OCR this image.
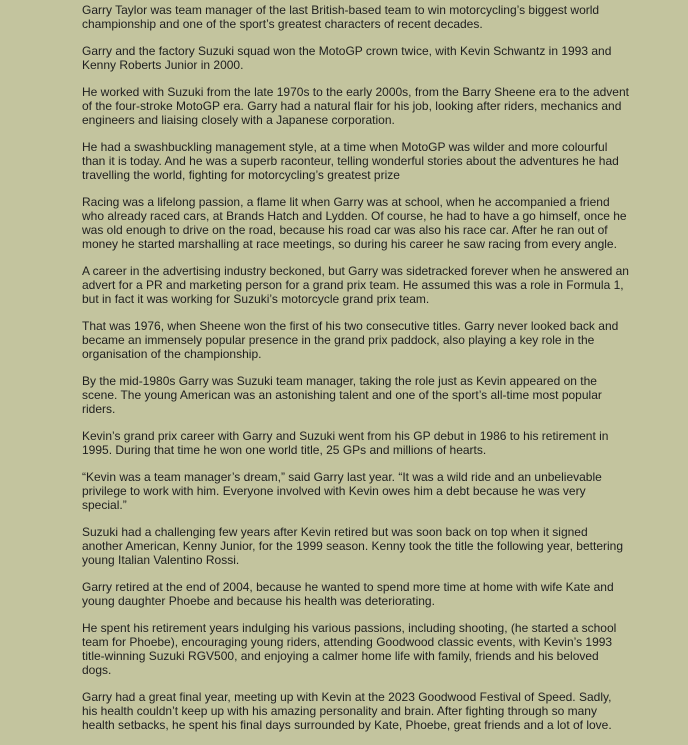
Garry Taylor was team manager of the last British-based team to win motorcycling’s biggest world championship and one of the sport’s greatest characters of recent decades.

Garry and the factory Suzuki squad won the MotoGP crown twice, with Kevin Schwantz in 1993 and Kenny Roberts Junior in 2000.

He worked with Suzuki from the late 1970s to the early 2000s, from the Barry Sheene era to the advent of the four-stroke MotoGP era. Garry had a natural flair for his job, looking after riders, mechanics and engineers and liaising closely with a Japanese corporation.

He had a swashbuckling management style, at a time when MotoGP was wilder and more colourful than it is today. And he was a superb raconteur, telling wonderful stories about the adventures he had travelling the world, fighting for motorcycling’s greatest prize

Racing was a lifelong passion, a flame lit when Garry was at school, when he accompanied a friend who already raced cars, at Brands Hatch and Lydden. Of course, he had to have a go himself, once he was old enough to drive on the road, because his road car was also his race car. After he ran out of money he started marshalling at race meetings, so during his career he saw racing from every angle.

A career in the advertising industry beckoned, but Garry was sidetracked forever when he answered an advert for a PR and marketing person for a grand prix team. He assumed this was a role in Formula 1, but in fact it was working for Suzuki’s motorcycle grand prix team.

That was 1976, when Sheene won the first of his two consecutive titles. Garry never looked back and became an immensely popular presence in the grand prix paddock, also playing a key role in the organisation of the championship.

By the mid-1980s Garry was Suzuki team manager, taking the role just as Kevin appeared on the scene. The young American was an astonishing talent and one of the sport’s all-time most popular riders.

Kevin’s grand prix career with Garry and Suzuki went from his GP debut in 1986 to his retirement in 1995. During that time he won one world title, 25 GPs and millions of hearts.

“Kevin was a team manager’s dream,” said Garry last year. “It was a wild ride and an unbelievable privilege to work with him. Everyone involved with Kevin owes him a debt because he was very special.”

Suzuki had a challenging few years after Kevin retired but was soon back on top when it signed another American, Kenny Junior, for the 1999 season. Kenny took the title the following year, bettering young Italian Valentino Rossi.

Garry retired at the end of 2004, because he wanted to spend more time at home with wife Kate and young daughter Phoebe and because his health was deteriorating.

He spent his retirement years indulging his various passions, including shooting, (he started a school team for Phoebe), encouraging young riders, attending Goodwood classic events, with Kevin’s 1993 title-winning Suzuki RGV500, and enjoying a calmer home life with family, friends and his beloved dogs.

Garry had a great final year, meeting up with Kevin at the 2023 Goodwood Festival of Speed. Sadly, his health couldn’t keep up with his amazing personality and brain. After fighting through so many health setbacks, he spent his final days surrounded by Kate, Phoebe, great friends and a lot of love.
